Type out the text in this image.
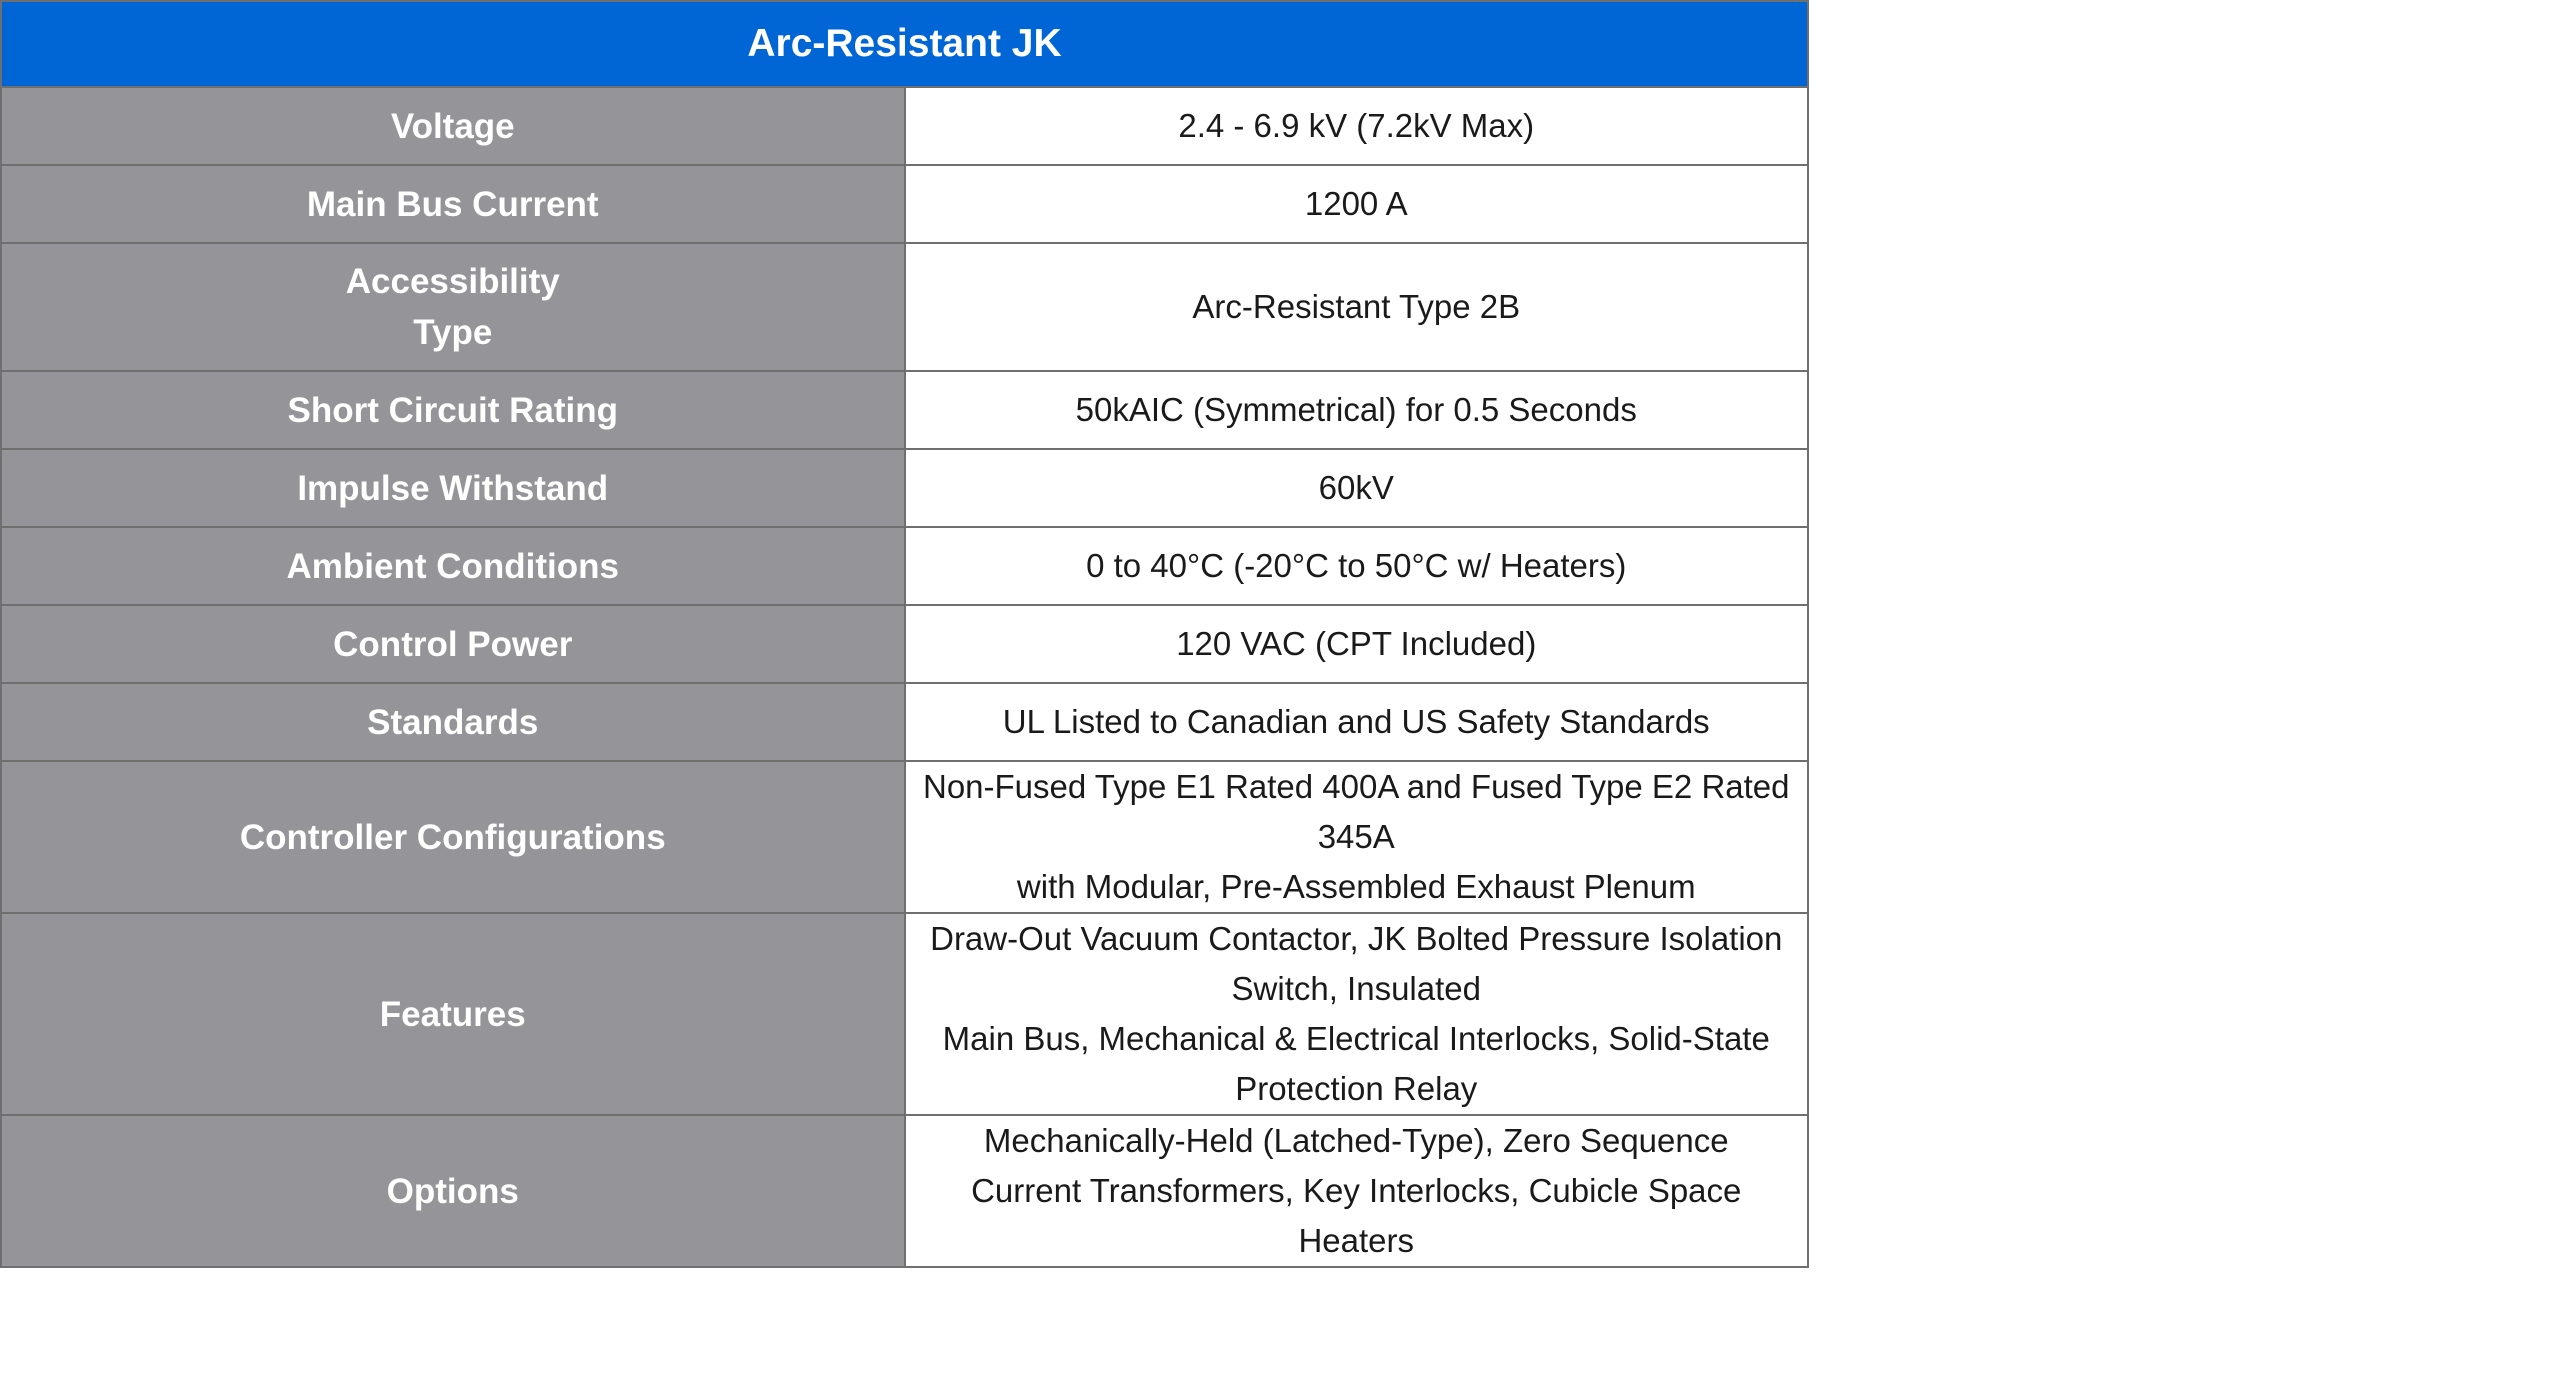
Arc-Resistant JK	

Voltage	2.4 - 6.9 kV (7.2kV Max)

Main Bus Current	1200 A

Accessibility
Type	Arc-Resistant Type 2B

Short Circuit Rating	50kAIC (Symmetrical) for 0.5 Seconds

Impulse Withstand	60kV

Ambient Conditions	0 to 40°C (-20°C to 50°C w/ Heaters)

Control Power	120 VAC (CPT Included)

Standards	UL Listed to Canadian and US Safety Standards

Controller Configurations	Non-Fused Type E1 Rated 400A and Fused Type E2 Rated 345A
with Modular, Pre-Assembled Exhaust Plenum

Features	Draw-Out Vacuum Contactor, JK Bolted Pressure Isolation Switch, Insulated
Main Bus, Mechanical & Electrical Interlocks, Solid-State Protection Relay

Options	Mechanically-Held (Latched-Type), Zero Sequence
Current Transformers, Key Interlocks, Cubicle Space Heaters
